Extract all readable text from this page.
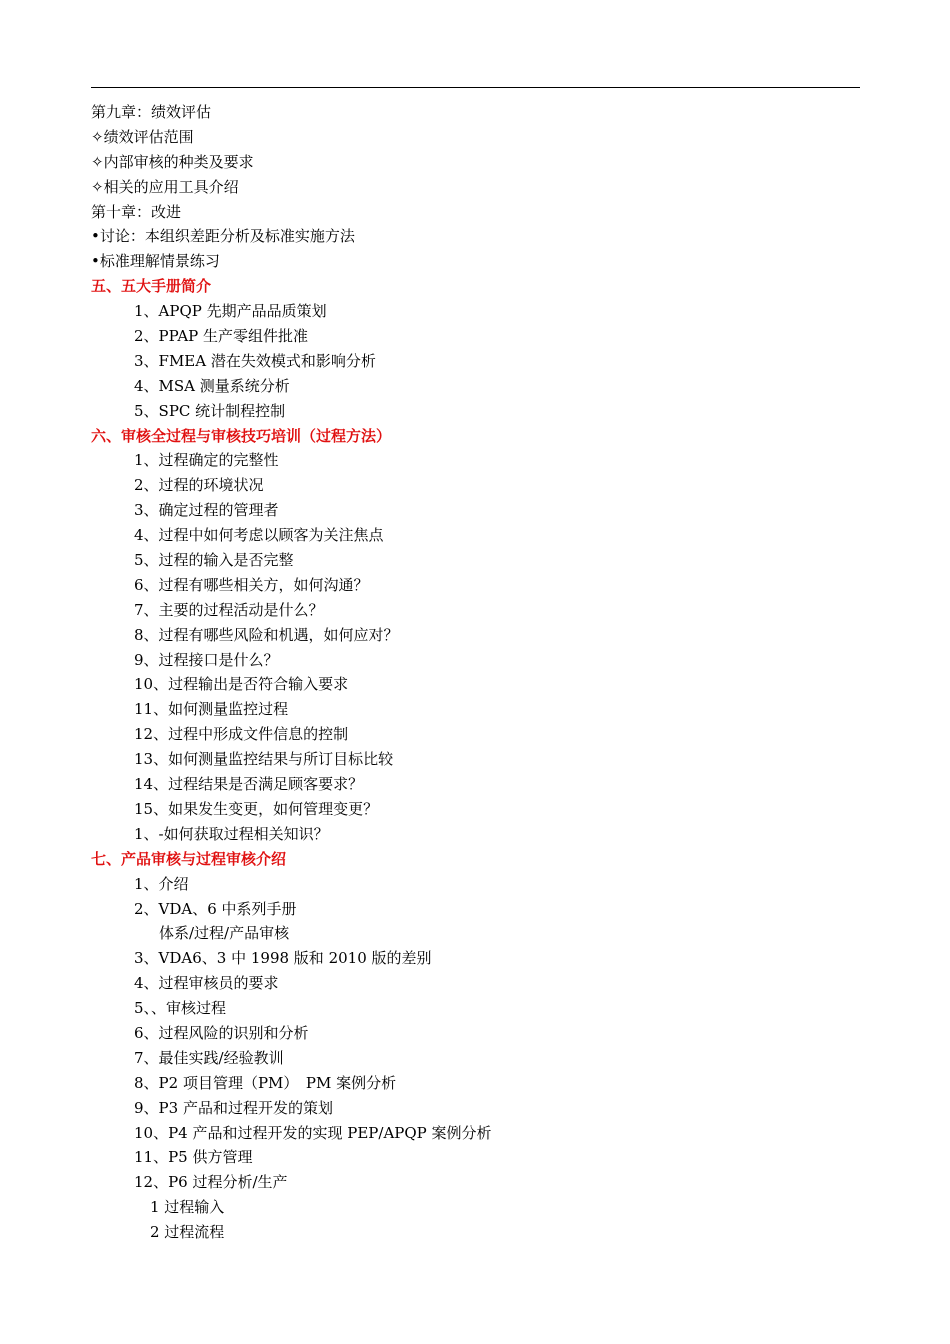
第九章：绩效评估
✧绩效评估范围
✧内部审核的种类及要求
✧相关的应用工具介绍
第十章：改进
•讨论：本组织差距分析及标准实施方法
•标准理解情景练习
五、五大手册简介
1、APQP 先期产品品质策划
2、PPAP 生产零组件批准
3、FMEA 潜在失效模式和影响分析
4、MSA 测量系统分析
5、SPC 统计制程控制
六、审核全过程与审核技巧培训（过程方法）
1、过程确定的完整性
2、过程的环境状况
3、确定过程的管理者
4、过程中如何考虑以顾客为关注焦点
5、过程的输入是否完整
6、过程有哪些相关方，如何沟通？
7、主要的过程活动是什么？
8、过程有哪些风险和机遇，如何应对？
9、过程接口是什么？
10、过程输出是否符合输入要求
11、如何测量监控过程
12、过程中形成文件信息的控制
13、如何测量监控结果与所订目标比较
14、过程结果是否满足顾客要求？
15、如果发生变更，如何管理变更？
1、-如何获取过程相关知识？
七、产品审核与过程审核介绍
1、介绍
2、VDA、6 中系列手册
体系/过程/产品审核
3、VDA6、3 中 1998 版和 2010 版的差别
4、过程审核员的要求
5、、审核过程
6、过程风险的识别和分析
7、最佳实践/经验教训
8、P2 项目管理（PM）　PM 案例分析
9、P3 产品和过程开发的策划
10、P4 产品和过程开发的实现 PEP/APQP 案例分析
11、P5 供方管理
12、P6 过程分析/生产
1 过程输入
2 过程流程
